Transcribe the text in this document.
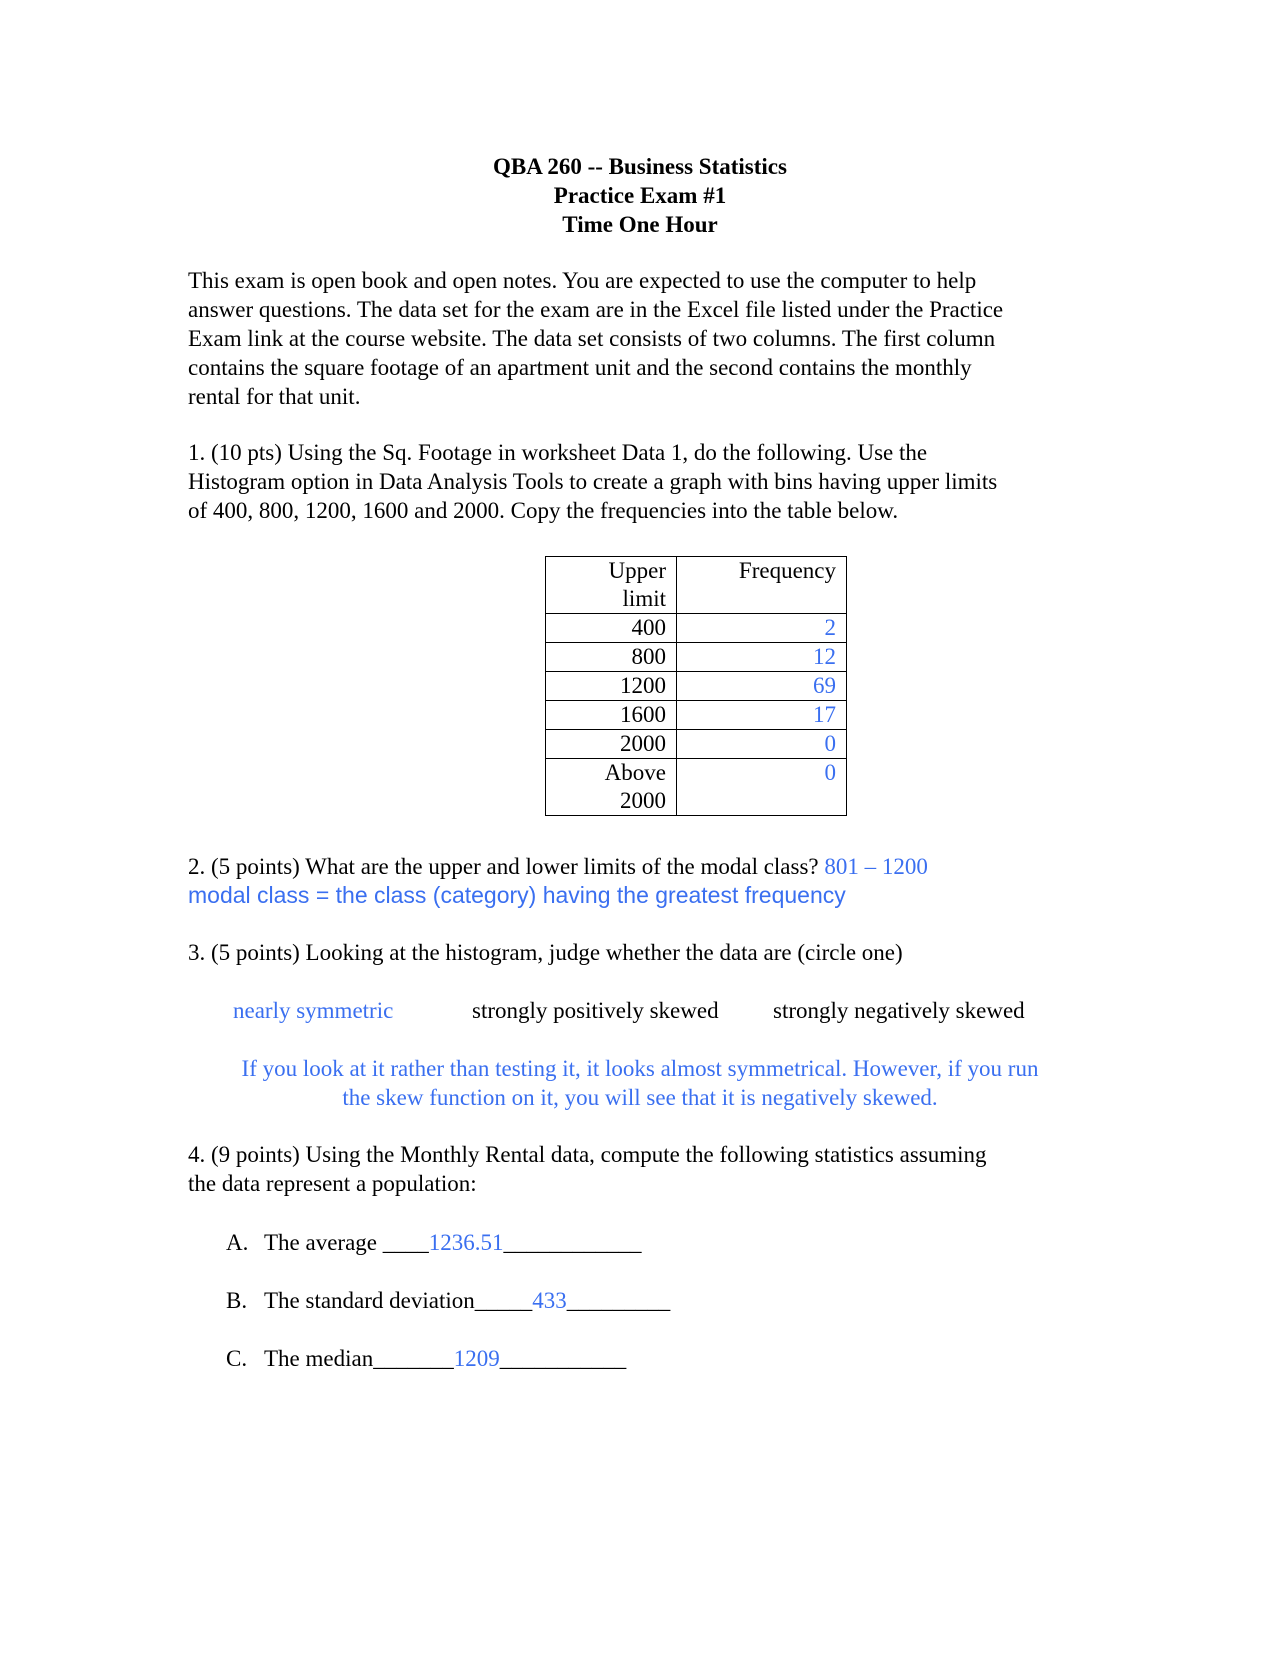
QBA 260 -- Business Statistics
Practice Exam #1
Time One Hour
This exam is open book and open notes. You are expected to use the computer to help
answer questions. The data set for the exam are in the Excel file listed under the Practice
Exam link at the course website. The data set consists of two columns. The first column
contains the square footage of an apartment unit and the second contains the monthly
rental for that unit.
1. (10 pts) Using the Sq. Footage in worksheet Data 1, do the following. Use the
Histogram option in Data Analysis Tools to create a graph with bins having upper limits
of 400, 800, 1200, 1600 and 2000. Copy the frequencies into the table below.
Upper
limit	Frequency
400	2
800	12
1200	69
1600	17
2000	0

Above
2000	0
2. (5 points) What are the upper and lower limits of the modal class? 801 – 1200
modal class = the class (category) having the greatest frequency
3. (5 points) Looking at the histogram, judge whether the data are (circle one)
nearly symmetric	strongly positively skewed strongly negatively skewed
If you look at it rather than testing it, it looks almost symmetrical. However, if you run
the skew function on it, you will see that it is negatively skewed.
4. (9 points) Using the Monthly Rental data, compute the following statistics assuming
the data represent a population:
A. The average ____1236.51____________
B. The standard deviation_____433_________
C. The median_______1209___________
